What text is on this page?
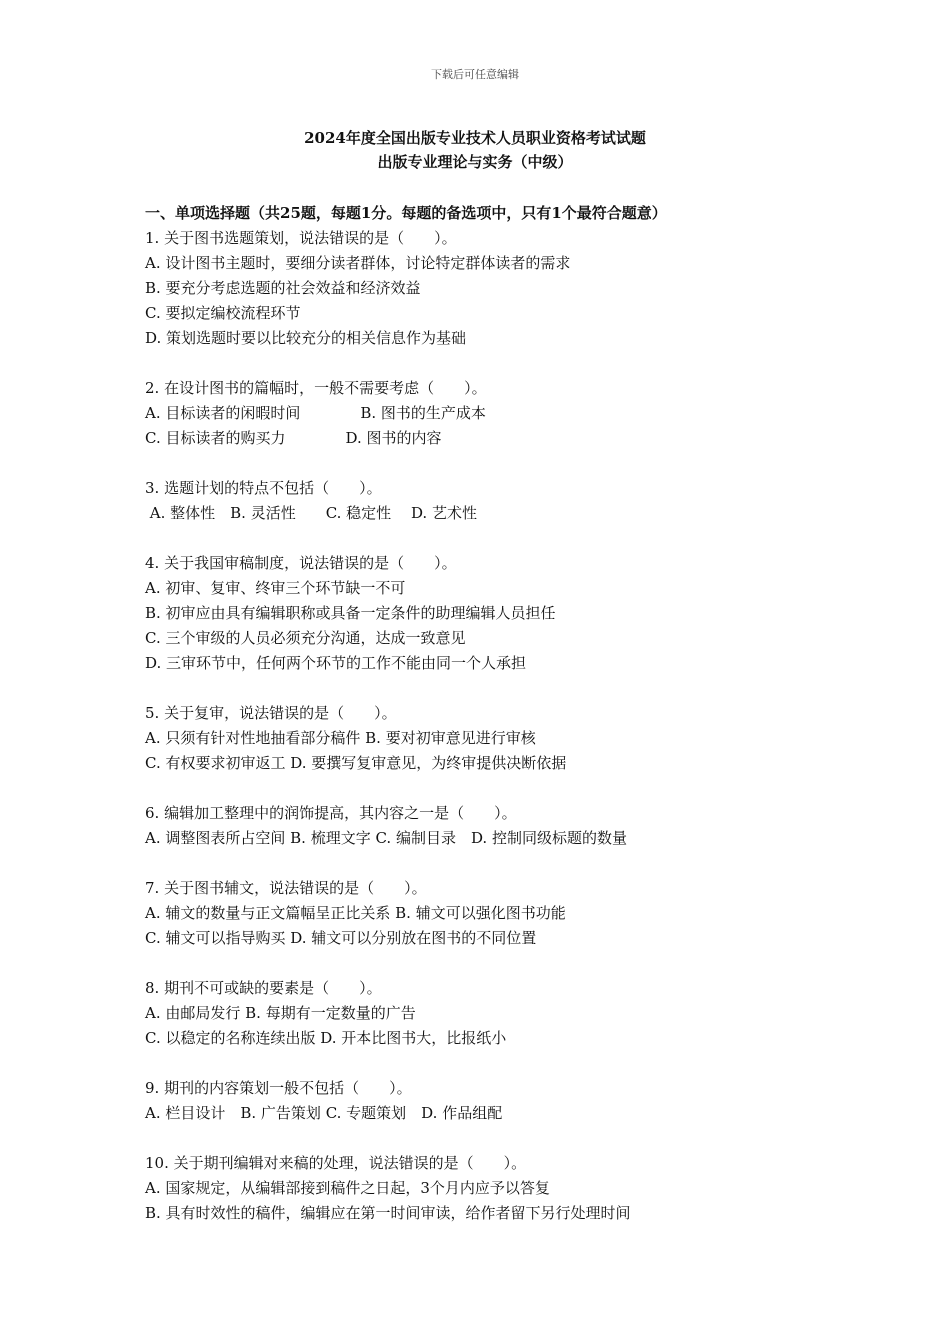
下载后可任意编辑
2024年度全国出版专业技术人员职业资格考试试题
出版专业理论与实务（中级）
一、单项选择题（共25题，每题1分。每题的备选项中，只有1个最符合题意）
1. 关于图书选题策划，说法错误的是（　　）。
A. 设计图书主题时，要细分读者群体，讨论特定群体读者的需求
B. 要充分考虑选题的社会效益和经济效益
C. 要拟定编校流程环节
D. 策划选题时要以比较充分的相关信息作为基础
2. 在设计图书的篇幅时，一般不需要考虑（　　）。
A. 目标读者的闲暇时间　　　　B. 图书的生产成本
C. 目标读者的购买力　　　　D. 图书的内容
3. 选题计划的特点不包括（　　）。
A. 整体性　B. 灵活性　　C. 稳定性　 D. 艺术性
4. 关于我国审稿制度，说法错误的是（　　）。
A. 初审、复审、终审三个环节缺一不可
B. 初审应由具有编辑职称或具备一定条件的助理编辑人员担任
C. 三个审级的人员必须充分沟通，达成一致意见
D. 三审环节中，任何两个环节的工作不能由同一个人承担
5. 关于复审，说法错误的是（　　）。
A. 只须有针对性地抽看部分稿件 B. 要对初审意见进行审核
C. 有权要求初审返工 D. 要撰写复审意见，为终审提供决断依据
6. 编辑加工整理中的润饰提高，其内容之一是（　　）。
A. 调整图表所占空间 B. 梳理文字 C. 编制目录　D. 控制同级标题的数量
7. 关于图书辅文，说法错误的是（　　）。
A. 辅文的数量与正文篇幅呈正比关系 B. 辅文可以强化图书功能
C. 辅文可以指导购买 D. 辅文可以分别放在图书的不同位置
8. 期刊不可或缺的要素是（　　）。
A. 由邮局发行 B. 每期有一定数量的广告
C. 以稳定的名称连续出版 D. 开本比图书大，比报纸小
9. 期刊的内容策划一般不包括（　　）。
A. 栏目设计　B. 广告策划 C. 专题策划　D. 作品组配
10. 关于期刊编辑对来稿的处理，说法错误的是（　　）。
A. 国家规定，从编辑部接到稿件之日起，3个月内应予以答复
B. 具有时效性的稿件，编辑应在第一时间审读，给作者留下另行处理时间
